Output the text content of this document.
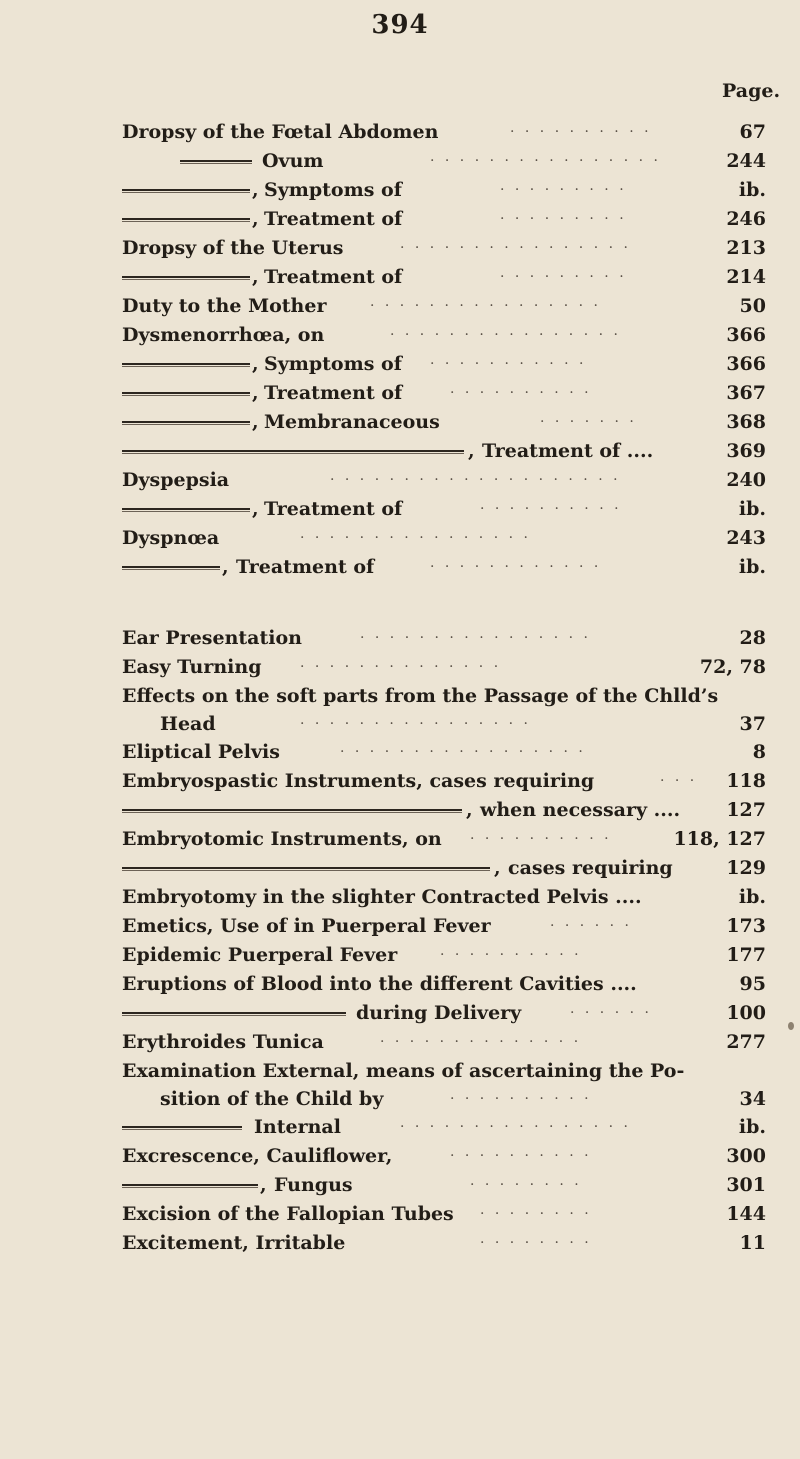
394
Page.
Dropsy of the Fœtal Abdomen	· · · · · · · · · ·	67
Ovum	· · · · · · · · · · · · · · · ·	244
, Symptoms of	· · · · · · · · ·	ib.
, Treatment of	· · · · · · · · ·	246
Dropsy of the Uterus	· · · · · · · · · · · · · · · ·	213
, Treatment of	· · · · · · · · ·	214
Duty to the Mother	· · · · · · · · · · · · · · · ·	50
Dysmenorrhœa, on	· · · · · · · · · · · · · · · ·	366
, Symptoms of · · · · · · · · · · ·	366
, Treatment of	· · · · · · · · · ·	367
, Membranaceous	· · · · · · ·	368
, Treatment of ....	369
Dyspepsia	· · · · · · · · · · · · · · · · · · · ·	240
, Treatment of	· · · · · · · · · ·	ib.
Dyspnœa	· · · · · · · · · · · · · · · ·	243
, Treatment of	· · · · · · · · · · · ·	ib.
Ear Presentation	· · · · · · · · · · · · · · · ·	28
Easy Turning	· · · · · · · · · · · · · ·	72, 78
Effects on the soft parts from the Passage of the Chlld’s
Head	· · · · · · · · · · · · · · · ·	37
Eliptical Pelvis	· · · · · · · · · · · · · · · · ·	8
Embryospastic Instruments, cases requiring	· · · 118
, when necessary .... 127
Embryotomic Instruments, on · · · · · · · · · ·	118, 127
, cases requiring	129
Embryotomy in the slighter Contracted Pelvis ....	ib.
Emetics, Use of in Puerperal Fever	· · · · · ·	173
Epidemic Puerperal Fever	· · · · · · · · · ·	177
Eruptions of Blood into the different Cavities ....	95
during Delivery	· · · · · ·	100
Erythroides Tunica	· · · · · · · · · · · · · ·	277
Examination External, means of ascertaining the Po-
sition of the Child by	· · · · · · · · · ·	34
Internal	· · · · · · · · · · · · · · · ·	ib.
Excrescence, Cauliflower,	· · · · · · · · · ·	300
, Fungus	· · · · · · · ·	301
Excision of the Fallopian Tubes · · · · · · · ·	144
Excitement, Irritable	· · · · · · · ·	11
